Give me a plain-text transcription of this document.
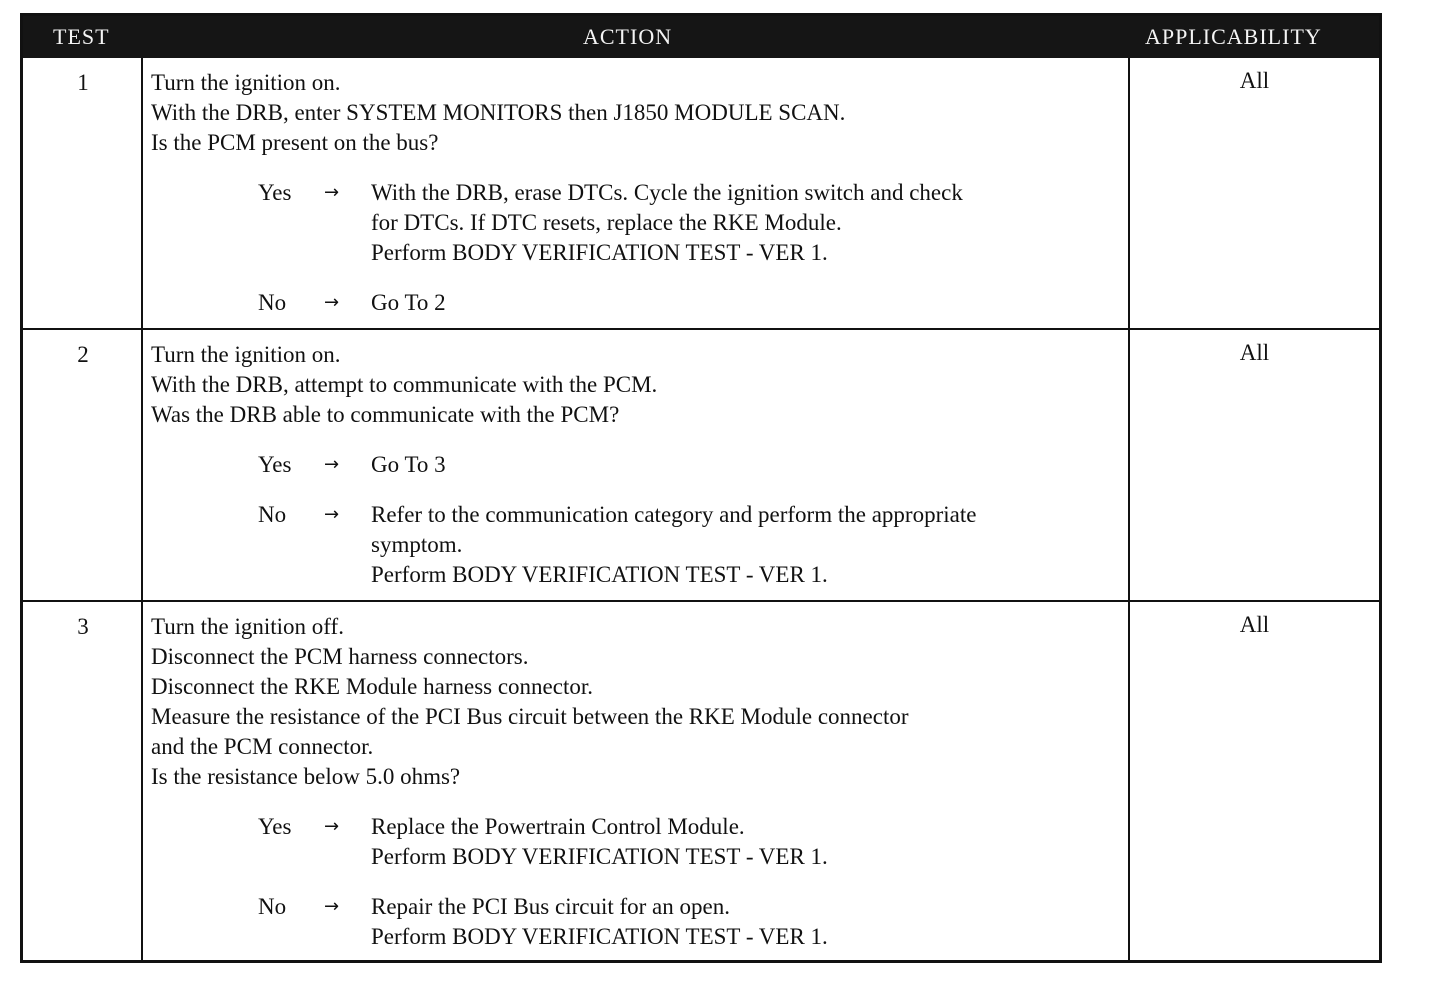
TEST	ACTION	APPLICABILITY
1	Turn the ignition on.
With the DRB, enter SYSTEM MONITORS then J1850 MODULE SCAN.
Is the PCM present on the bus?
Yes	→	With the DRB, erase DTCs. Cycle the ignition switch and check
for DTCs. If DTC resets, replace the RKE Module.
Perform BODY VERIFICATION TEST - VER 1.
No	→	Go To 2
All
2	Turn the ignition on.
With the DRB, attempt to communicate with the PCM.
Was the DRB able to communicate with the PCM?
Yes	→	Go To 3
No	→	Refer to the communication category and perform the appropriate
symptom.
Perform BODY VERIFICATION TEST - VER 1.
All
3	Turn the ignition off.
Disconnect the PCM harness connectors.
Disconnect the RKE Module harness connector.
Measure the resistance of the PCI Bus circuit between the RKE Module connector
and the PCM connector.
Is the resistance below 5.0 ohms?
Yes	→	Replace the Powertrain Control Module.
Perform BODY VERIFICATION TEST - VER 1.
No	→	Repair the PCI Bus circuit for an open.
Perform BODY VERIFICATION TEST - VER 1.
All
